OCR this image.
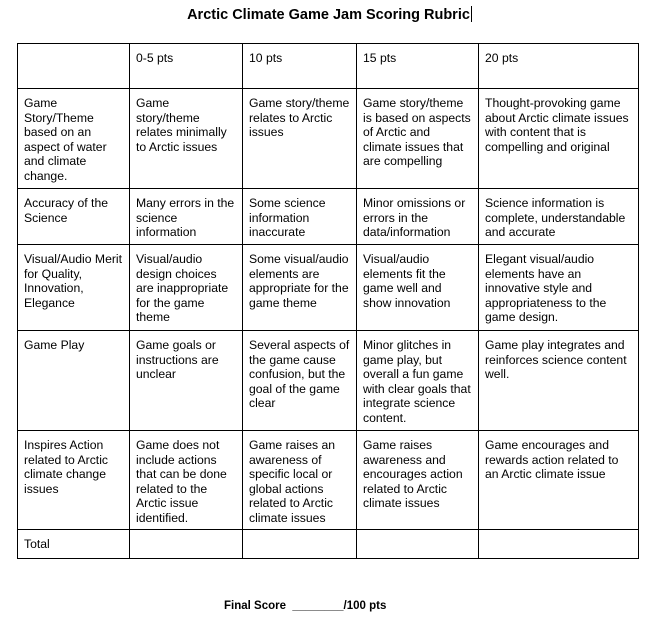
Arctic Climate Game Jam Scoring Rubric
	0-5 pts	10 pts	15 pts	20 pts
Game Story/Theme based on an aspect of water and climate change.	Game story/theme relates minimally to Arctic issues	Game story/theme relates to Arctic issues	Game story/theme is based on aspects of Arctic and climate issues that are compelling	Thought-provoking game about Arctic climate issues with content that is compelling and original
Accuracy of the Science	Many errors in the science information	Some science information inaccurate	Minor omissions or errors in the data/information	Science information is complete, understandable and accurate
Visual/Audio Merit for Quality, Innovation, Elegance	Visual/audio design choices are inappropriate for the game theme	Some visual/audio elements are appropriate for the game theme	Visual/audio elements fit the game well and show innovation	Elegant visual/audio elements have an innovative style and appropriateness to the game design.
Game Play	Game goals or instructions are unclear	Several aspects of the game cause confusion, but the goal of the game clear	Minor glitches in game play, but overall a fun game with clear goals that integrate science content.	Game play integrates and reinforces science content well.
Inspires Action related to Arctic climate change issues	Game does not include actions that can be done related to the Arctic issue identified.	Game raises an awareness of specific local or global actions related to Arctic climate issues	Game raises awareness and encourages action related to Arctic climate issues	Game encourages and rewards action related to an Arctic climate issue
Total				
Final Score  ________/100 pts
